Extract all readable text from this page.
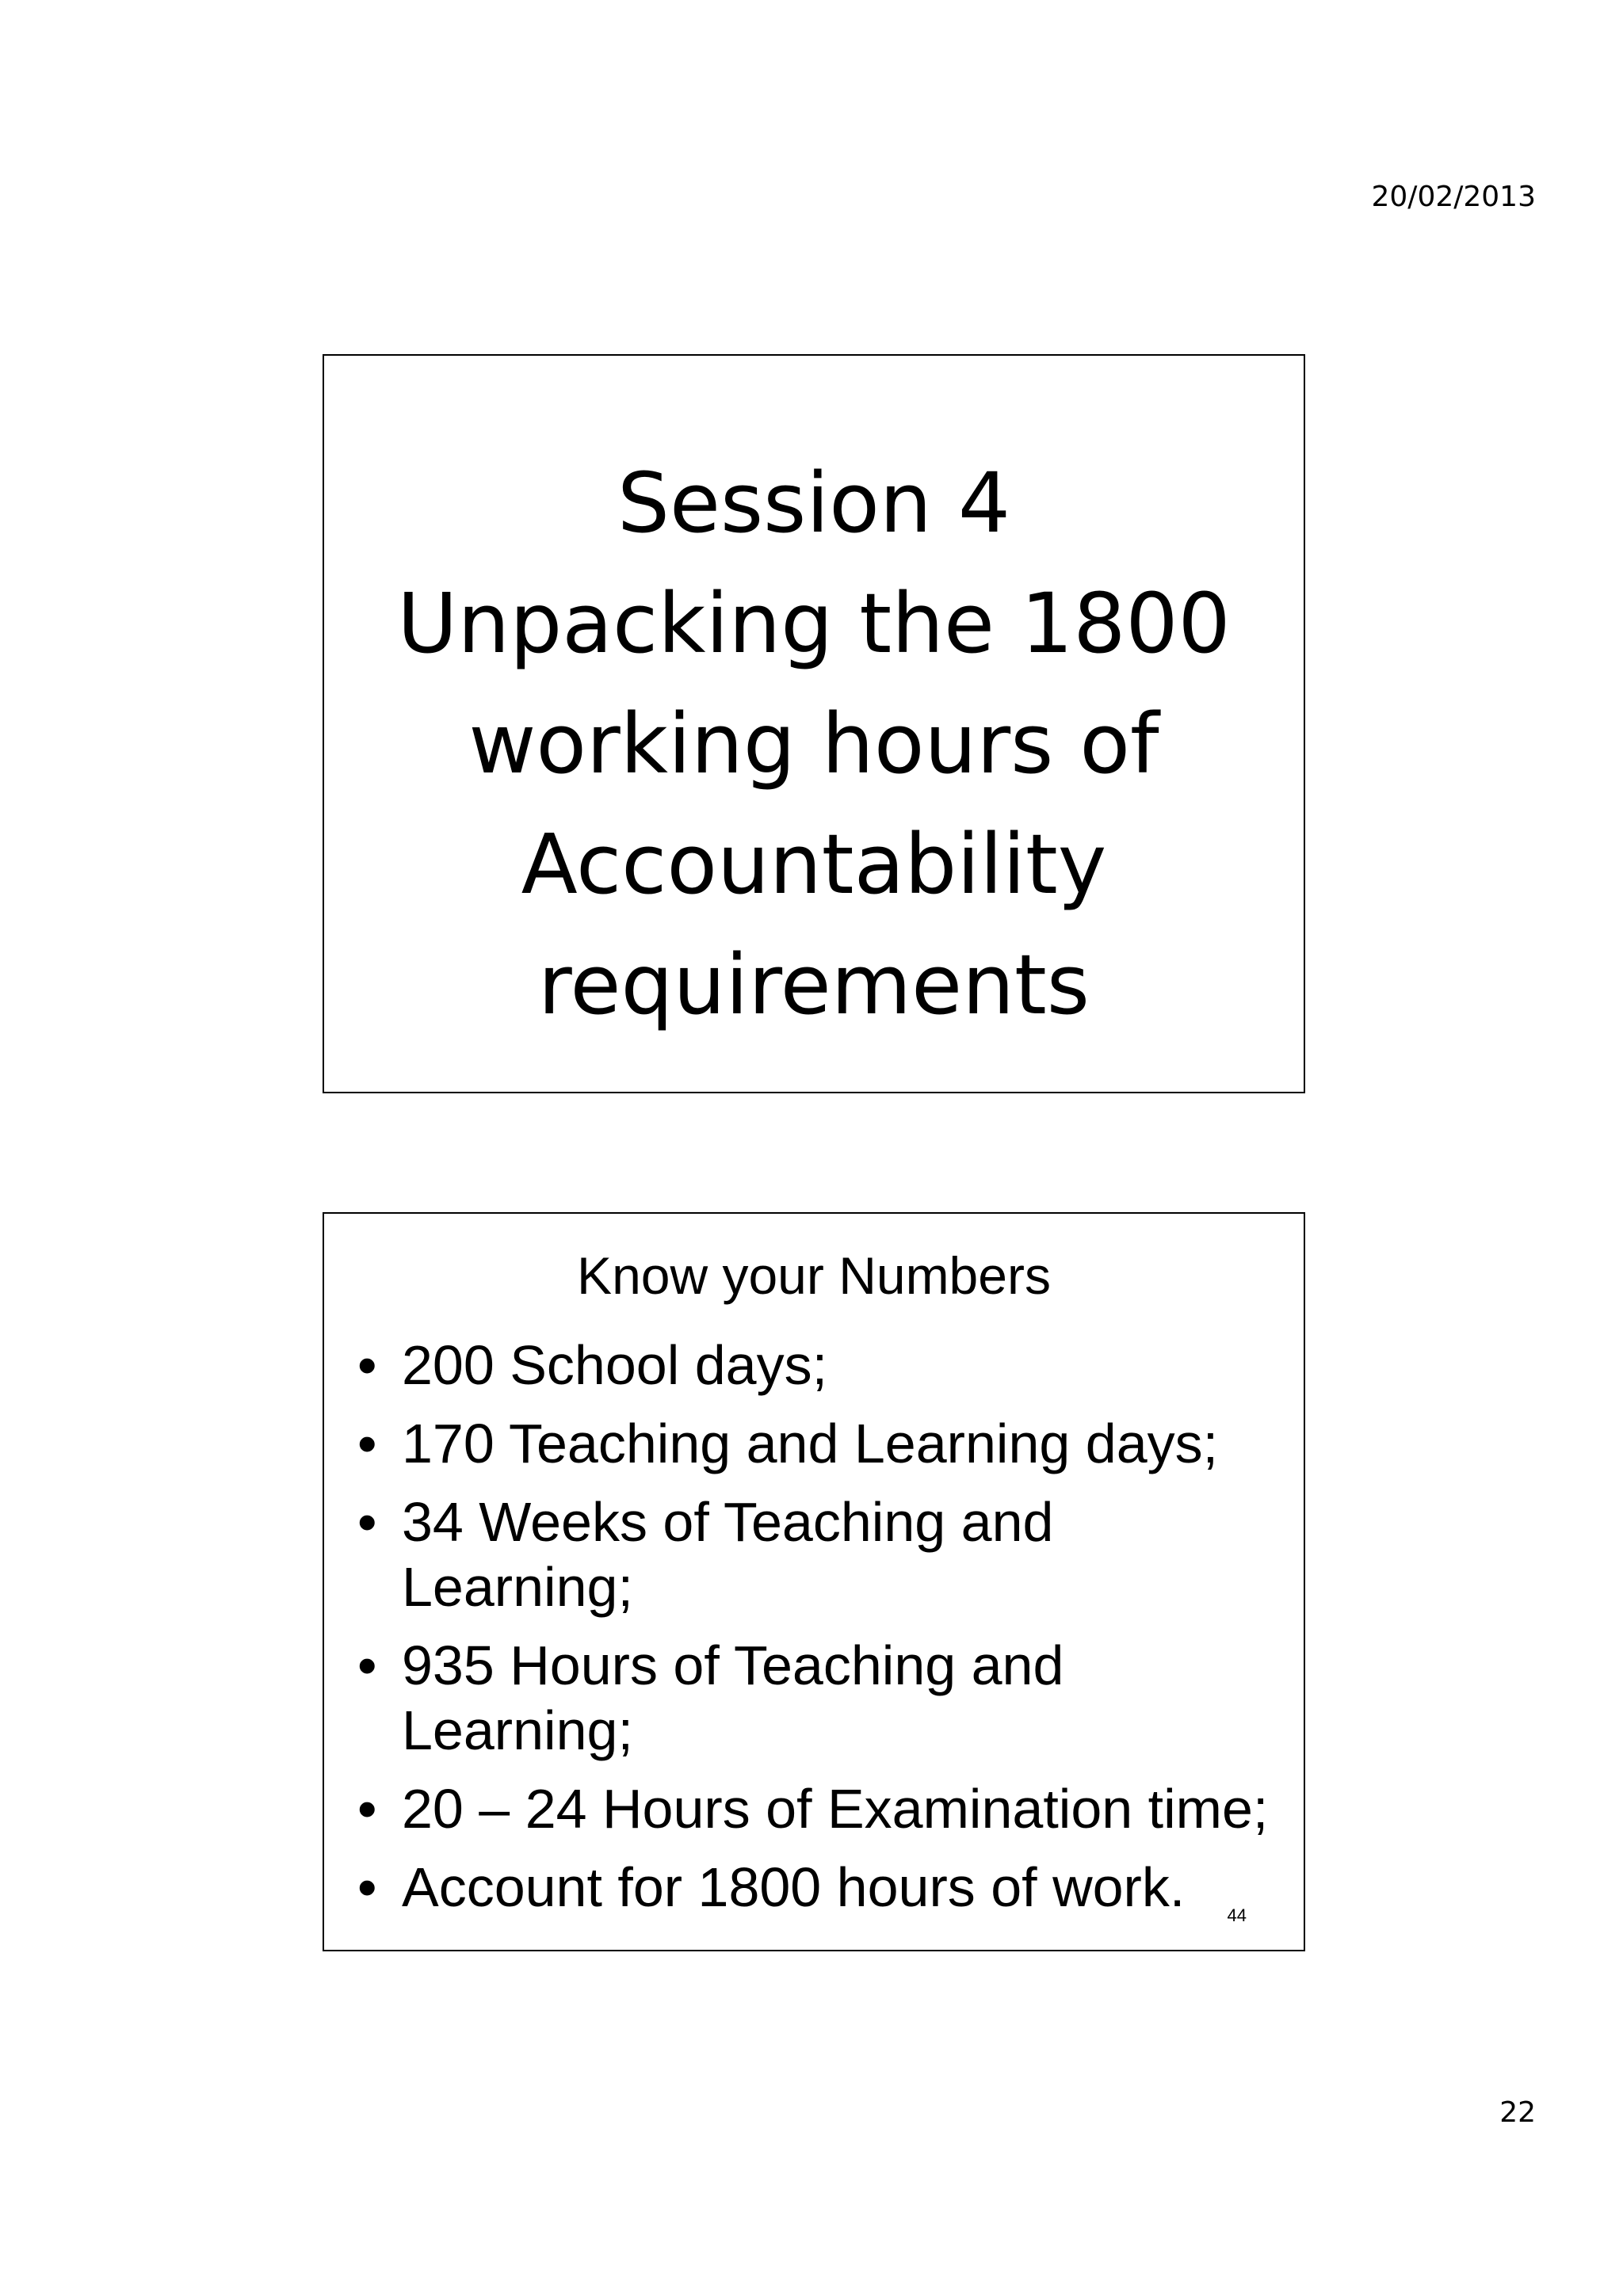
20/02/2013
Session 4
Unpacking the 1800
working hours of
Accountability
requirements
Know your Numbers
• 200 School days;
• 170 Teaching and Learning days;
• 34 Weeks of Teaching and Learning;
• 935 Hours of Teaching and Learning;
• 20 – 24 Hours of Examination time;
• Account for 1800 hours of work.	44
22
